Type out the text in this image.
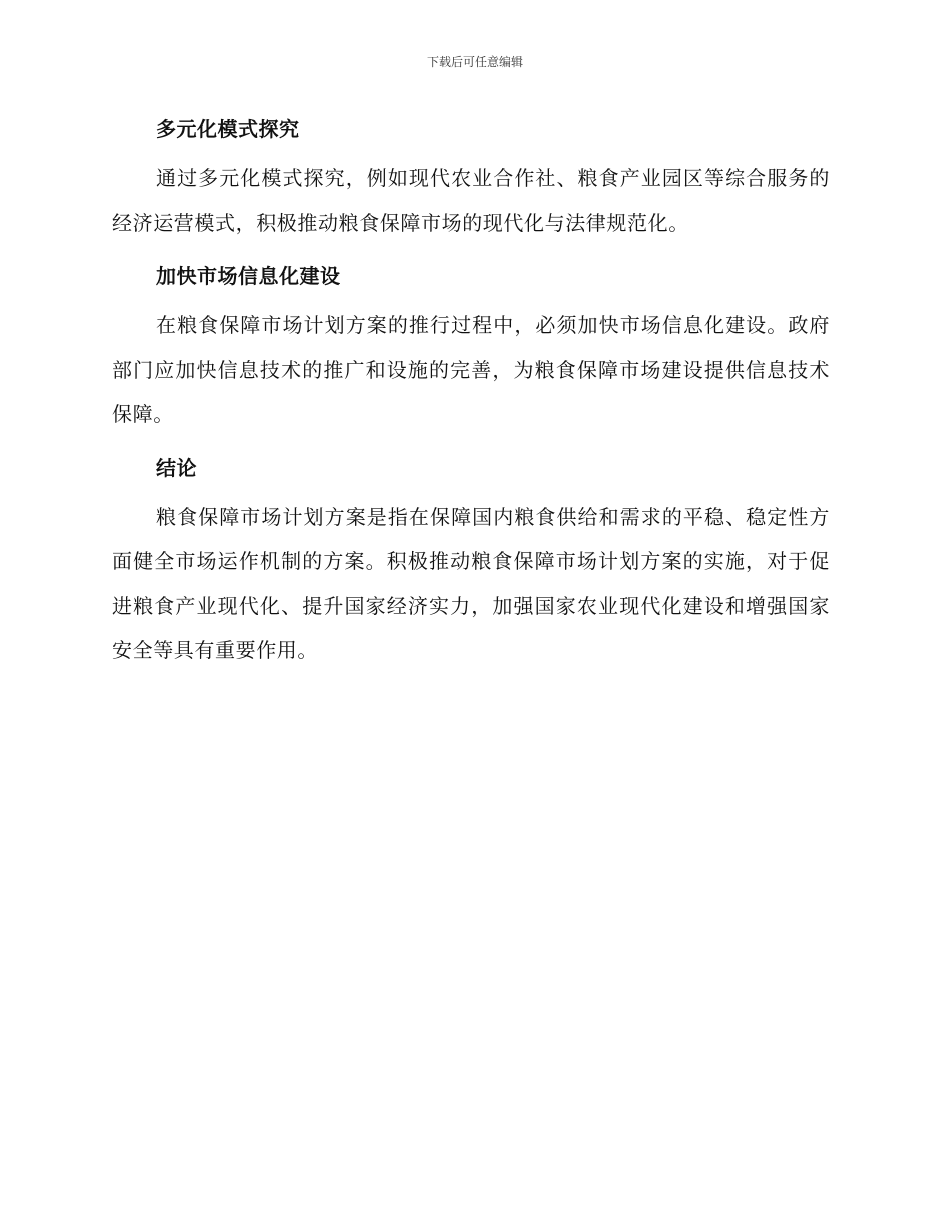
下载后可任意编辑
多元化模式探究

通过多元化模式探究，例如现代农业合作社、粮食产业园区等综合服务的经济运营模式，积极推动粮食保障市场的现代化与法律规范化。

加快市场信息化建设

在粮食保障市场计划方案的推行过程中，必须加快市场信息化建设。政府部门应加快信息技术的推广和设施的完善，为粮食保障市场建设提供信息技术保障。

结论

粮食保障市场计划方案是指在保障国内粮食供给和需求的平稳、稳定性方面健全市场运作机制的方案。积极推动粮食保障市场计划方案的实施，对于促进粮食产业现代化、提升国家经济实力，加强国家农业现代化建设和增强国家安全等具有重要作用。
